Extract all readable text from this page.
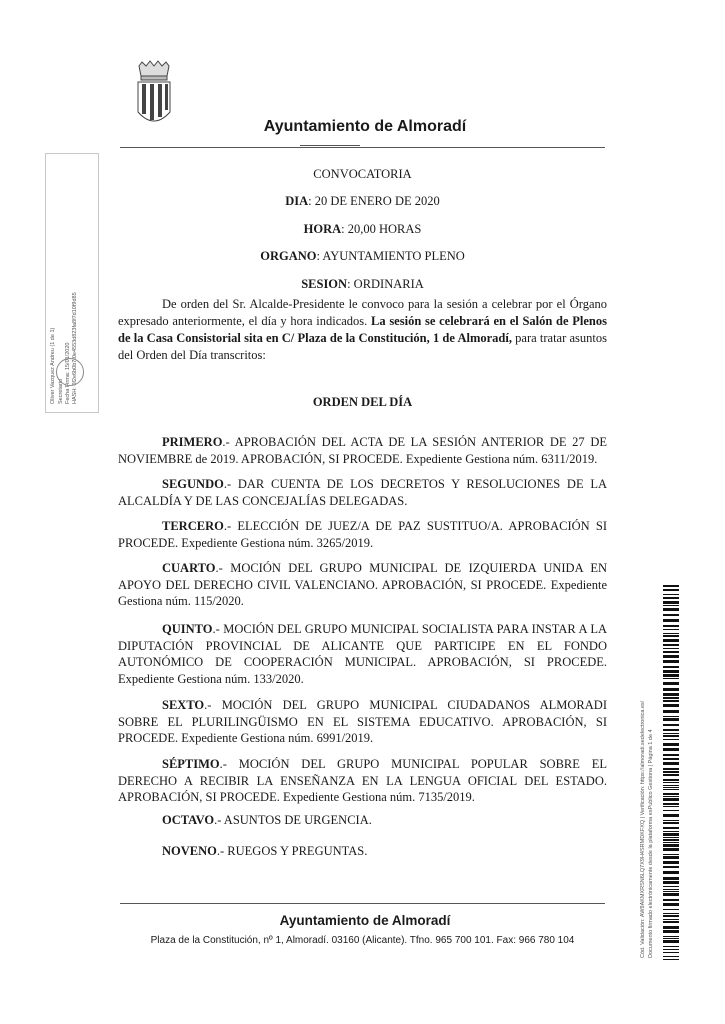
Ayuntamiento de Almoradí
CONVOCATORIA
DIA: 20 DE ENERO DE 2020
HORA: 20,00 HORAS
ORGANO: AYUNTAMIENTO PLENO
SESION: ORDINARIA
De orden del Sr. Alcalde-Presidente le convoco para la sesión a celebrar por el Órgano expresado anteriormente, el día y hora indicados. La sesión se celebrará en el Salón de Plenos de la Casa Consistorial sita en C/ Plaza de la Constitución, 1 de Almoradí, para tratar asuntos del Orden del Día transcritos:
ORDEN DEL DÍA
PRIMERO.- APROBACIÓN DEL ACTA DE LA SESIÓN ANTERIOR DE 27 DE NOVIEMBRE de 2019. APROBACIÓN, SI PROCEDE. Expediente Gestiona núm. 6311/2019.
SEGUNDO.- DAR CUENTA DE LOS DECRETOS Y RESOLUCIONES DE LA ALCALDÍA Y DE LAS CONCEJALÍAS DELEGADAS.
TERCERO.- ELECCIÓN DE JUEZ/A DE PAZ SUSTITUO/A. APROBACIÓN SI PROCEDE. Expediente Gestiona núm. 3265/2019.
CUARTO.- MOCIÓN DEL GRUPO MUNICIPAL DE IZQUIERDA UNIDA EN APOYO DEL DERECHO CIVIL VALENCIANO. APROBACIÓN, SI PROCEDE. Expediente Gestiona núm. 115/2020.
QUINTO.- MOCIÓN DEL GRUPO MUNICIPAL SOCIALISTA PARA INSTAR A LA DIPUTACIÓN PROVINCIAL DE ALICANTE QUE PARTICIPE EN EL FONDO AUTONÓMICO DE COOPERACIÓN MUNICIPAL. APROBACIÓN, SI PROCEDE. Expediente Gestiona núm. 133/2020.
SEXTO.- MOCIÓN DEL GRUPO MUNICIPAL CIUDADANOS ALMORADI SOBRE EL PLURILINGÜISMO EN EL SISTEMA EDUCATIVO. APROBACIÓN, SI PROCEDE. Expediente Gestiona núm. 6991/2019.
SÉPTIMO.- MOCIÓN DEL GRUPO MUNICIPAL POPULAR SOBRE EL DERECHO A RECIBIR LA ENSEÑANZA EN LA LENGUA OFICIAL DEL ESTADO. APROBACIÓN, SI PROCEDE. Expediente Gestiona núm. 7135/2019.
OCTAVO.- ASUNTOS DE URGENCIA.
NOVENO.- RUEGOS Y PREGUNTAS.
Ayuntamiento de Almoradí
Plaza de la Constitución, nº 1, Almoradí. 03160 (Alicante). Tfno. 965 700 101. Fax: 966 780 104
Oliver Vazquez Andreu (1 de 1) Secretario Fecha Firma: 15/01/2020 HASH: 6f2e6b0b7f0e4553d823fa8f7d10f9d85
Cód. Validación: AW9AKMXRSN6LQ7X9H4SRMDKFXQ | Verificación: https://almoradi.sedelectronica.es/ Documento firmado electrónicamente desde la plataforma esPublico Gestiona | Página 1 de 4
